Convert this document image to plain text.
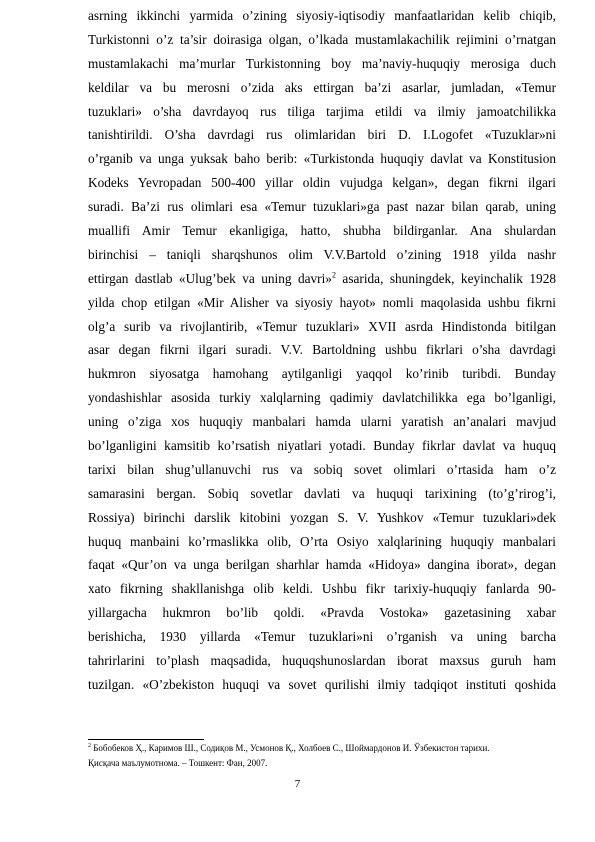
asrning ikkinchi yarmida o’zining siyosiy-iqtisodiy manfaatlaridan kelib chiqib,
Turkistonni o’z ta’sir doirasiga olgan, o’lkada mustamlakachilik rejimini o’rnatgan
mustamlakachi ma’murlar Turkistonning boy ma’naviy-huquqiy merosiga duch
keldilar va bu merosni o’zida aks ettirgan ba’zi asarlar, jumladan, «Temur
tuzuklari» o’sha davrdayoq rus tiliga tarjima etildi va ilmiy jamoatchilikka
tanishtirildi. O’sha davrdagi rus olimlaridan biri D. I.Logofet «Tuzuklar»ni
o’rganib va unga yuksak baho berib: «Turkistonda huquqiy davlat va Konstitusion
Kodeks Yevropadan 500-400 yillar oldin vujudga kelgan», degan fikrni ilgari
suradi. Ba’zi rus olimlari esa «Temur tuzuklari»ga past nazar bilan qarab, uning
muallifi Amir Temur ekanligiga, hatto, shubha bildirganlar. Ana shulardan
birinchisi – taniqli sharqshunos olim V.V.Bartold o’zining 1918 yilda nashr
ettirgan dastlab «Ulug’bek va uning davri»$^2$ asarida, shuningdek, keyinchalik 1928
yilda chop etilgan «Mir Alisher va siyosiy hayot» nomli maqolasida ushbu fikrni
olg’a surib va rivojlantirib, «Temur tuzuklari» XVII asrda Hindistonda bitilgan
asar degan fikrni ilgari suradi. V.V. Bartoldning ushbu fikrlari o’sha davrdagi
hukmron siyosatga hamohang aytilganligi yaqqol ko’rinib turibdi. Bunday
yondashishlar asosida turkiy xalqlarning qadimiy davlatchilikka ega bo’lganligi,
uning o’ziga xos huquqiy manbalari hamda ularni yaratish an’analari mavjud
bo’lganligini kamsitib ko’rsatish niyatlari yotadi. Bunday fikrlar davlat va huquq
tarixi bilan shug’ullanuvchi rus va sobiq sovet olimlari o’rtasida ham o’z
samarasini bergan. Sobiq sovetlar davlati va huquqi tarixining (to’g’rirog’i,
Rossiya) birinchi darslik kitobini yozgan S. V. Yushkov «Temur tuzuklari»dek
huquq manbaini ko’rmaslikka olib, O’rta Osiyo xalqlarining huquqiy manbalari
faqat «Qur’on va unga berilgan sharhlar hamda «Hidoya» dangina iborat», degan
xato fikrning shakllanishga olib keldi. Ushbu fikr tarixiy-huquqiy fanlarda 90-
yillargacha hukmron bo’lib qoldi. «Pravda Vostoka» gazetasining xabar
berishicha, 1930 yillarda «Temur tuzuklari»ni o’rganish va uning barcha
tahrirlarini to’plash maqsadida, huquqshunoslardan iborat maxsus guruh ham
tuzilgan. «O’zbekiston huquqi va sovet qurilishi ilmiy tadqiqot instituti qoshida
$^2$ Бобобеков Ҳ., Каримов Ш., Содиқов М., Усмонов Қ., Холбоев С., Шоймардонов И. Ўзбекистон тарихи.
Қисқача маълумотнома. – Тошкент: Фан, 2007.
7
